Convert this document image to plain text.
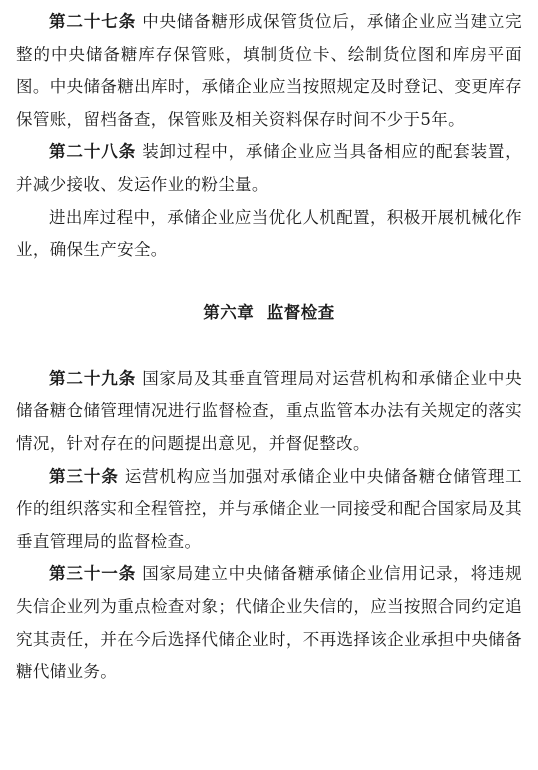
第二十七条 中央储备糖形成保管货位后，承储企业应当建立完整的中央储备糖库存保管账，填制货位卡、绘制货位图和库房平面图。中央储备糖出库时，承储企业应当按照规定及时登记、变更库存保管账，留档备查，保管账及相关资料保存时间不少于5年。

第二十八条 装卸过程中，承储企业应当具备相应的配套装置，并减少接收、发运作业的粉尘量。

进出库过程中，承储企业应当优化人机配置，积极开展机械化作业，确保生产安全。

第六章  监督检查

第二十九条 国家局及其垂直管理局对运营机构和承储企业中央储备糖仓储管理情况进行监督检查，重点监管本办法有关规定的落实情况，针对存在的问题提出意见，并督促整改。

第三十条 运营机构应当加强对承储企业中央储备糖仓储管理工作的组织落实和全程管控，并与承储企业一同接受和配合国家局及其垂直管理局的监督检查。

第三十一条 国家局建立中央储备糖承储企业信用记录，将违规失信企业列为重点检查对象；代储企业失信的，应当按照合同约定追究其责任，并在今后选择代储企业时，不再选择该企业承担中央储备糖代储业务。
